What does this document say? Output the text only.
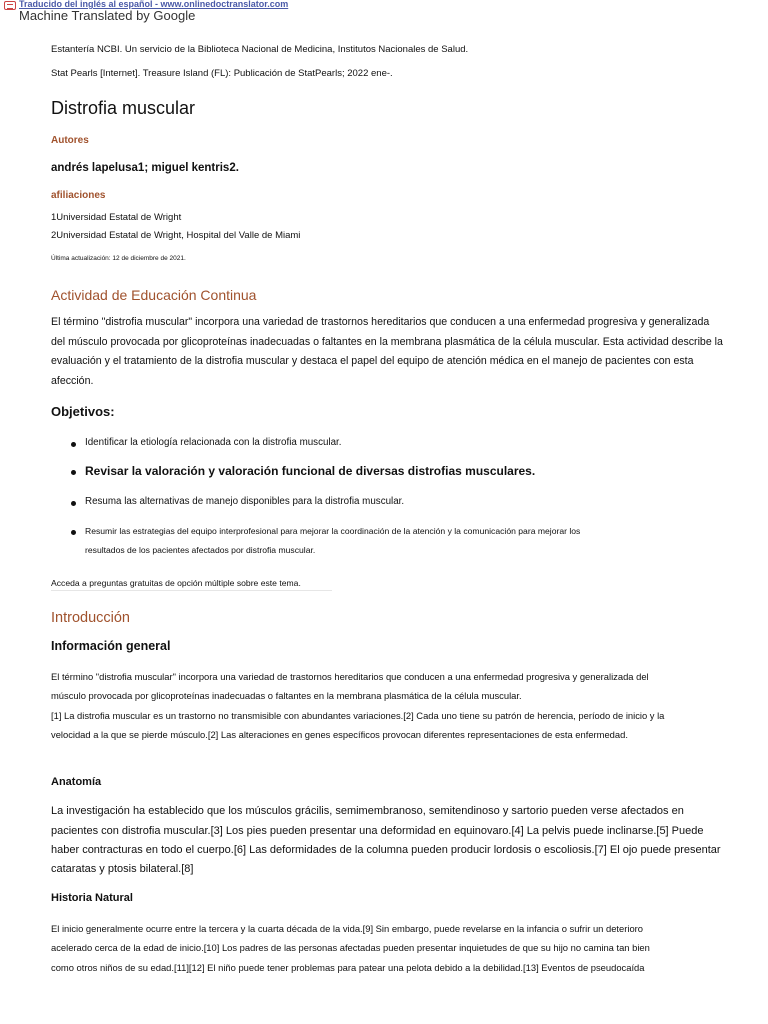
Traducido del inglés al español - www.onlinedoctranslator.com
Machine Translated by Google
Estantería NCBI. Un servicio de la Biblioteca Nacional de Medicina, Institutos Nacionales de Salud.
Stat Pearls [Internet]. Treasure Island (FL): Publicación de StatPearls; 2022 ene-.
Distrofia muscular
Autores
andrés lapelusa1; miguel kentris2.
afiliaciones
1Universidad Estatal de Wright
2Universidad Estatal de Wright, Hospital del Valle de Miami
Última actualización: 12 de diciembre de 2021.
Actividad de Educación Continua
El término "distrofia muscular" incorpora una variedad de trastornos hereditarios que conducen a una enfermedad progresiva y generalizada del músculo provocada por glicoproteínas inadecuadas o faltantes en la membrana plasmática de la célula muscular. Esta actividad describe la evaluación y el tratamiento de la distrofia muscular y destaca el papel del equipo de atención médica en el manejo de pacientes con esta afección.
Objetivos:
Identificar la etiología relacionada con la distrofia muscular.
Revisar la valoración y valoración funcional de diversas distrofias musculares.
Resuma las alternativas de manejo disponibles para la distrofia muscular.
Resumir las estrategias del equipo interprofesional para mejorar la coordinación de la atención y la comunicación para mejorar los
resultados de los pacientes afectados por distrofia muscular.
Acceda a preguntas gratuitas de opción múltiple sobre este tema.
Introducción
Información general
El término "distrofia muscular" incorpora una variedad de trastornos hereditarios que conducen a una enfermedad progresiva y generalizada del
músculo provocada por glicoproteínas inadecuadas o faltantes en la membrana plasmática de la célula muscular.
[1] La distrofia muscular es un trastorno no transmisible con abundantes variaciones.[2] Cada uno tiene su patrón de herencia, período de inicio y la
velocidad a la que se pierde músculo.[2] Las alteraciones en genes específicos provocan diferentes representaciones de esta enfermedad.
Anatomía
La investigación ha establecido que los músculos grácilis, semimembranoso, semitendinoso y sartorio pueden verse afectados en
pacientes con distrofia muscular.[3] Los pies pueden presentar una deformidad en equinovaro.[4] La pelvis puede inclinarse.[5] Puede
haber contracturas en todo el cuerpo.[6] Las deformidades de la columna pueden producir lordosis o escoliosis.[7] El ojo puede presentar
cataratas y ptosis bilateral.[8]
Historia Natural
El inicio generalmente ocurre entre la tercera y la cuarta década de la vida.[9] Sin embargo, puede revelarse en la infancia o sufrir un deterioro
acelerado cerca de la edad de inicio.[10] Los padres de las personas afectadas pueden presentar inquietudes de que su hijo no camina tan bien
como otros niños de su edad.[11][12] El niño puede tener problemas para patear una pelota debido a la debilidad.[13] Eventos de pseudocaída
